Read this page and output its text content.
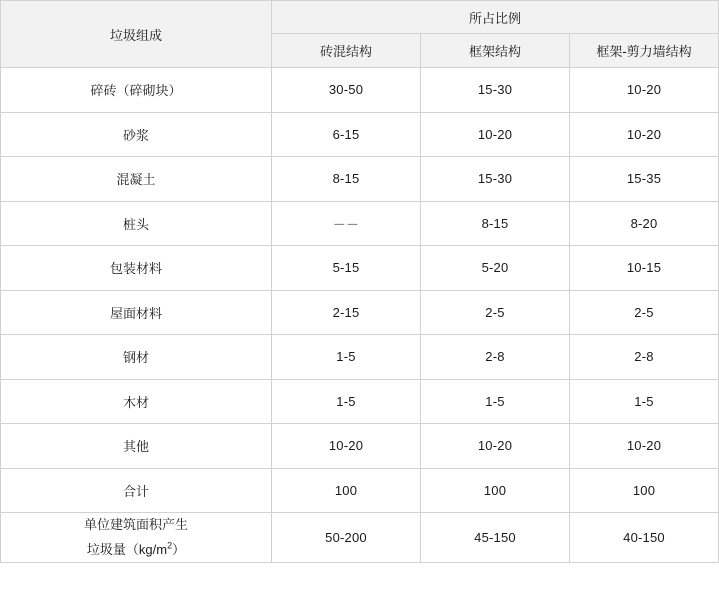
垃圾组成	所占比例		
	砖混结构	框架结构	框架-剪力墙结构
碎砖（碎砌块）	30-50	15-30	10-20
砂浆	6-15	10-20	10-20
混凝土	8-15	15-30	15-35
桩头	－－	8-15	8-20
包装材料	5-15	5-20	10-15
屋面材料	2-15	2-5	2-5
钢材	1-5	2-8	2-8
木材	1-5	1-5	1-5
其他	10-20	10-20	10-20
合计	100	100	100

单位建筑面积产生
垃圾量$(kg/m^2)$	50-200	45-150	40-150
